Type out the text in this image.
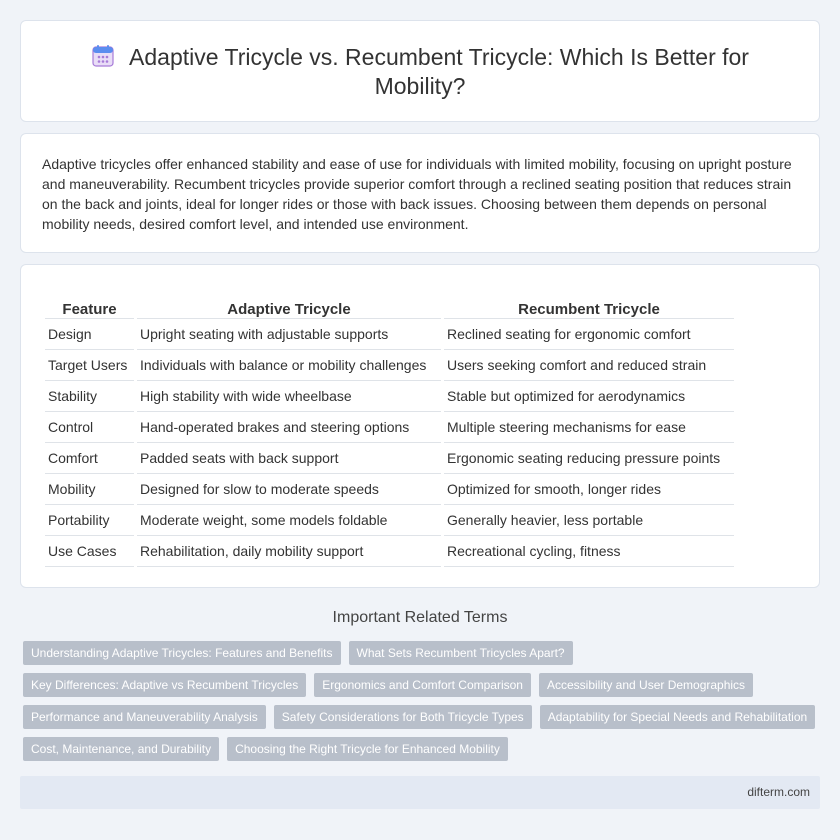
Adaptive Tricycle vs. Recumbent Tricycle: Which Is Better for Mobility?

Adaptive tricycles offer enhanced stability and ease of use for individuals with limited mobility, focusing on upright posture and maneuverability. Recumbent tricycles provide superior comfort through a reclined seating position that reduces strain on the back and joints, ideal for longer rides or those with back issues. Choosing between them depends on personal mobility needs, desired comfort level, and intended use environment.

Feature	Adaptive Tricycle	Recumbent Tricycle
Design	Upright seating with adjustable supports	Reclined seating for ergonomic comfort
Target Users	Individuals with balance or mobility challenges	Users seeking comfort and reduced strain
Stability	High stability with wide wheelbase	Stable but optimized for aerodynamics
Control	Hand-operated brakes and steering options	Multiple steering mechanisms for ease
Comfort	Padded seats with back support	Ergonomic seating reducing pressure points
Mobility	Designed for slow to moderate speeds	Optimized for smooth, longer rides
Portability	Moderate weight, some models foldable	Generally heavier, less portable
Use Cases	Rehabilitation, daily mobility support	Recreational cycling, fitness
Important Related Terms
Understanding Adaptive Tricycles: Features and Benefits	What Sets Recumbent Tricycles Apart?
Key Differences: Adaptive vs Recumbent Tricycles	Ergonomics and Comfort Comparison	Accessibility and User Demographics
Performance and Maneuverability Analysis	Safety Considerations for Both Tricycle Types	Adaptability for Special Needs and Rehabilitation
Cost, Maintenance, and Durability	Choosing the Right Tricycle for Enhanced Mobility
difterm.com
